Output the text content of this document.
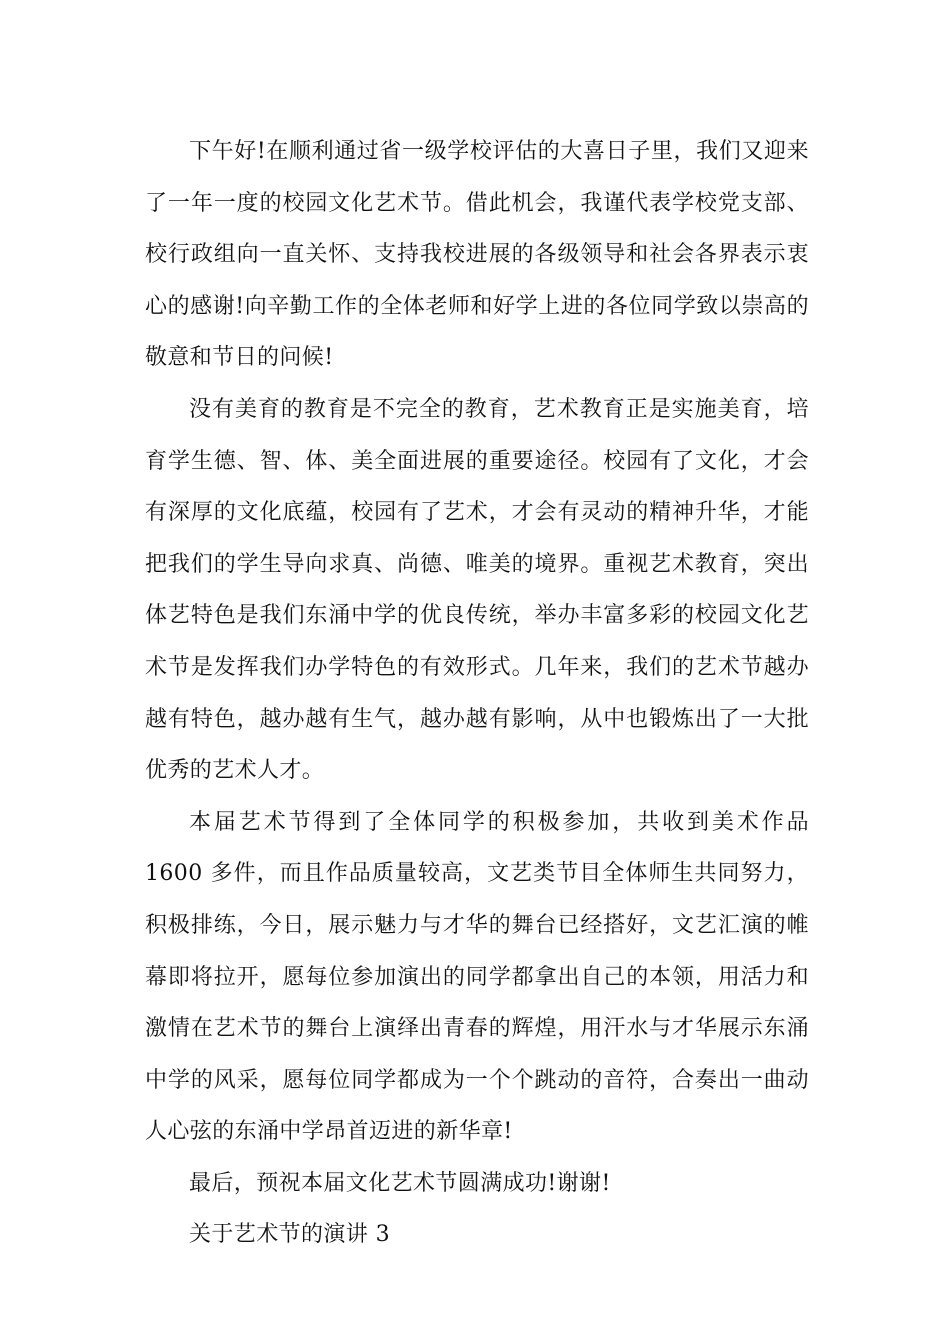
下午好!在顺利通过省一级学校评估的大喜日子里，我们又迎来了一年一度的校园文化艺术节。借此机会，我谨代表学校党支部、校行政组向一直关怀、支持我校进展的各级领导和社会各界表示衷心的感谢!向辛勤工作的全体老师和好学上进的各位同学致以崇高的敬意和节日的问候!

没有美育的教育是不完全的教育，艺术教育正是实施美育，培育学生德、智、体、美全面进展的重要途径。校园有了文化，才会有深厚的文化底蕴，校园有了艺术，才会有灵动的精神升华，才能把我们的学生导向求真、尚德、唯美的境界。重视艺术教育，突出体艺特色是我们东涌中学的优良传统，举办丰富多彩的校园文化艺术节是发挥我们办学特色的有效形式。几年来，我们的艺术节越办越有特色，越办越有生气，越办越有影响，从中也锻炼出了一大批优秀的艺术人才。

本届艺术节得到了全体同学的积极参加，共收到美术作品 1600 多件，而且作品质量较高，文艺类节目全体师生共同努力，积极排练，今日，展示魅力与才华的舞台已经搭好，文艺汇演的帷幕即将拉开，愿每位参加演出的同学都拿出自己的本领，用活力和激情在艺术节的舞台上演绎出青春的辉煌，用汗水与才华展示东涌中学的风采，愿每位同学都成为一个个跳动的音符，合奏出一曲动人心弦的东涌中学昂首迈进的新华章!

最后，预祝本届文化艺术节圆满成功!谢谢!

关于艺术节的演讲 3
